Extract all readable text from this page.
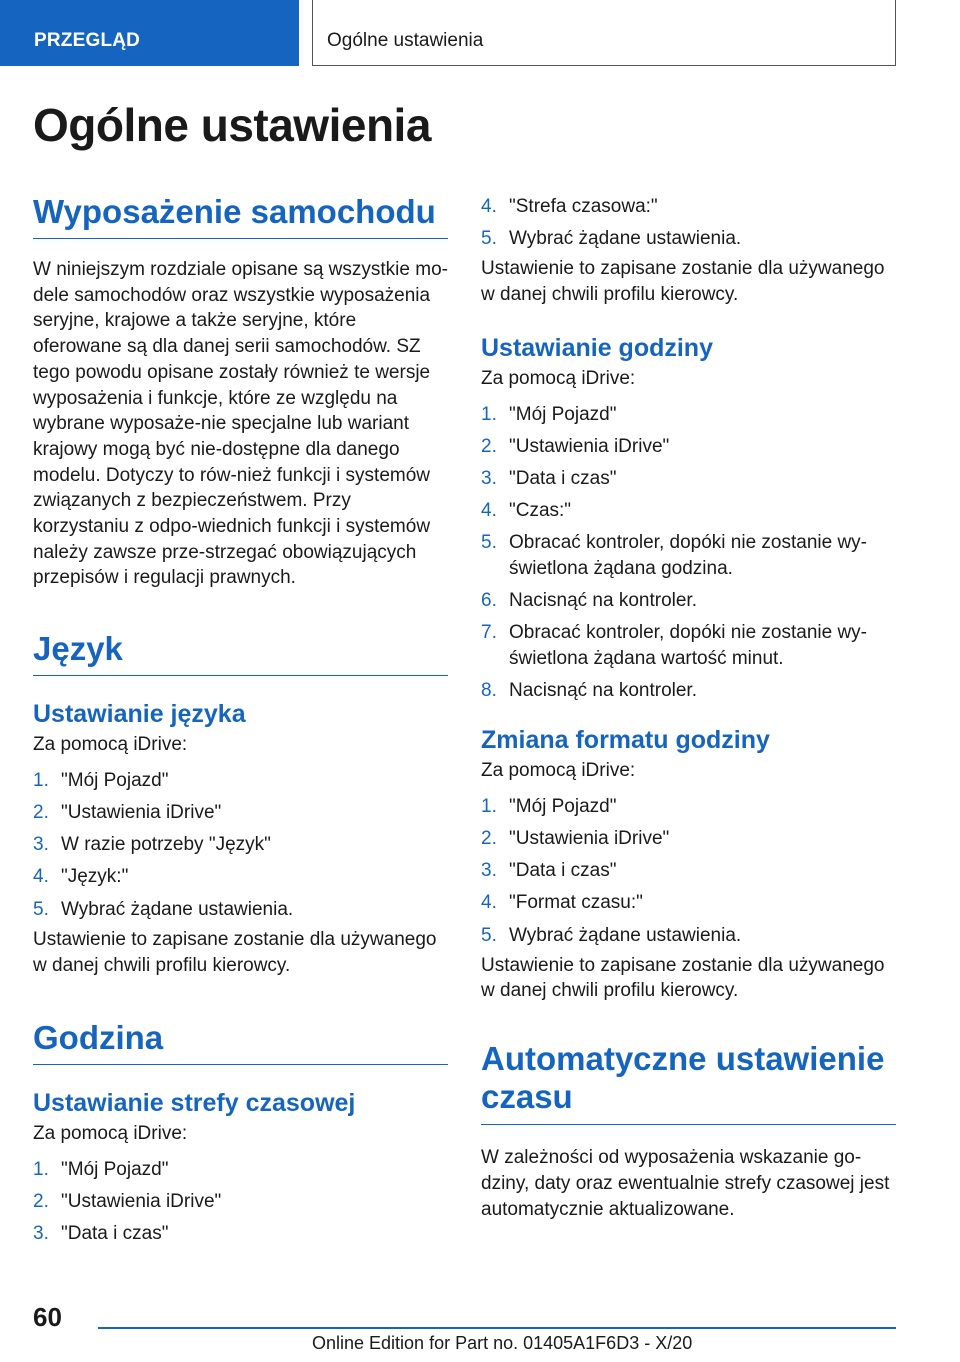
PRZEGLĄD	Ogólne ustawienia
Ogólne ustawienia
Wyposażenie samochodu

W niniejszym rozdziale opisane są wszystkie mo-dele samochodów oraz wszystkie wyposażenia seryjne, krajowe a także seryjne, które oferowane są dla danej serii samochodów. SZ tego powodu opisane zostały również te wersje wyposażenia i funkcje, które ze względu na wybrane wyposaże-nie specjalne lub wariant krajowy mogą być nie-dostępne dla danego modelu. Dotyczy to rów-nież funkcji i systemów związanych z bezpieczeństwem. Przy korzystaniu z odpo-wiednich funkcji i systemów należy zawsze prze-strzegać obowiązujących przepisów i regulacji prawnych.

Język
Ustawianie języka

Za pomocą iDrive:

1. "Mój Pojazd"
2. "Ustawienia iDrive"
3. W razie potrzeby "Język"
4. "Język:"
5. Wybrać żądane ustawienia.

Ustawienie to zapisane zostanie dla używanego w danej chwili profilu kierowcy.

Godzina
Ustawianie strefy czasowej

Za pomocą iDrive:

1. "Mój Pojazd"
2. "Ustawienia iDrive"
3. "Data i czas"
4. "Strefa czasowa:"
5. Wybrać żądane ustawienia.

Ustawienie to zapisane zostanie dla używanego w danej chwili profilu kierowcy.

Ustawianie godziny

Za pomocą iDrive:

1. "Mój Pojazd"
2. "Ustawienia iDrive"
3. "Data i czas"
4. "Czas:"
5. Obracać kontroler, dopóki nie zostanie wy-świetlona żądana godzina.
6. Nacisnąć na kontroler.
7. Obracać kontroler, dopóki nie zostanie wy-świetlona żądana wartość minut.
8. Nacisnąć na kontroler.
Zmiana formatu godziny

Za pomocą iDrive:

1. "Mój Pojazd"
2. "Ustawienia iDrive"
3. "Data i czas"
4. "Format czasu:"
5. Wybrać żądane ustawienia.

Ustawienie to zapisane zostanie dla używanego w danej chwili profilu kierowcy.

Automatyczne ustawienie czasu

W zależności od wyposażenia wskazanie go-dziny, daty oraz ewentualnie strefy czasowej jest automatycznie aktualizowane.

60
Online Edition for Part no. 01405A1F6D3 - X/20
